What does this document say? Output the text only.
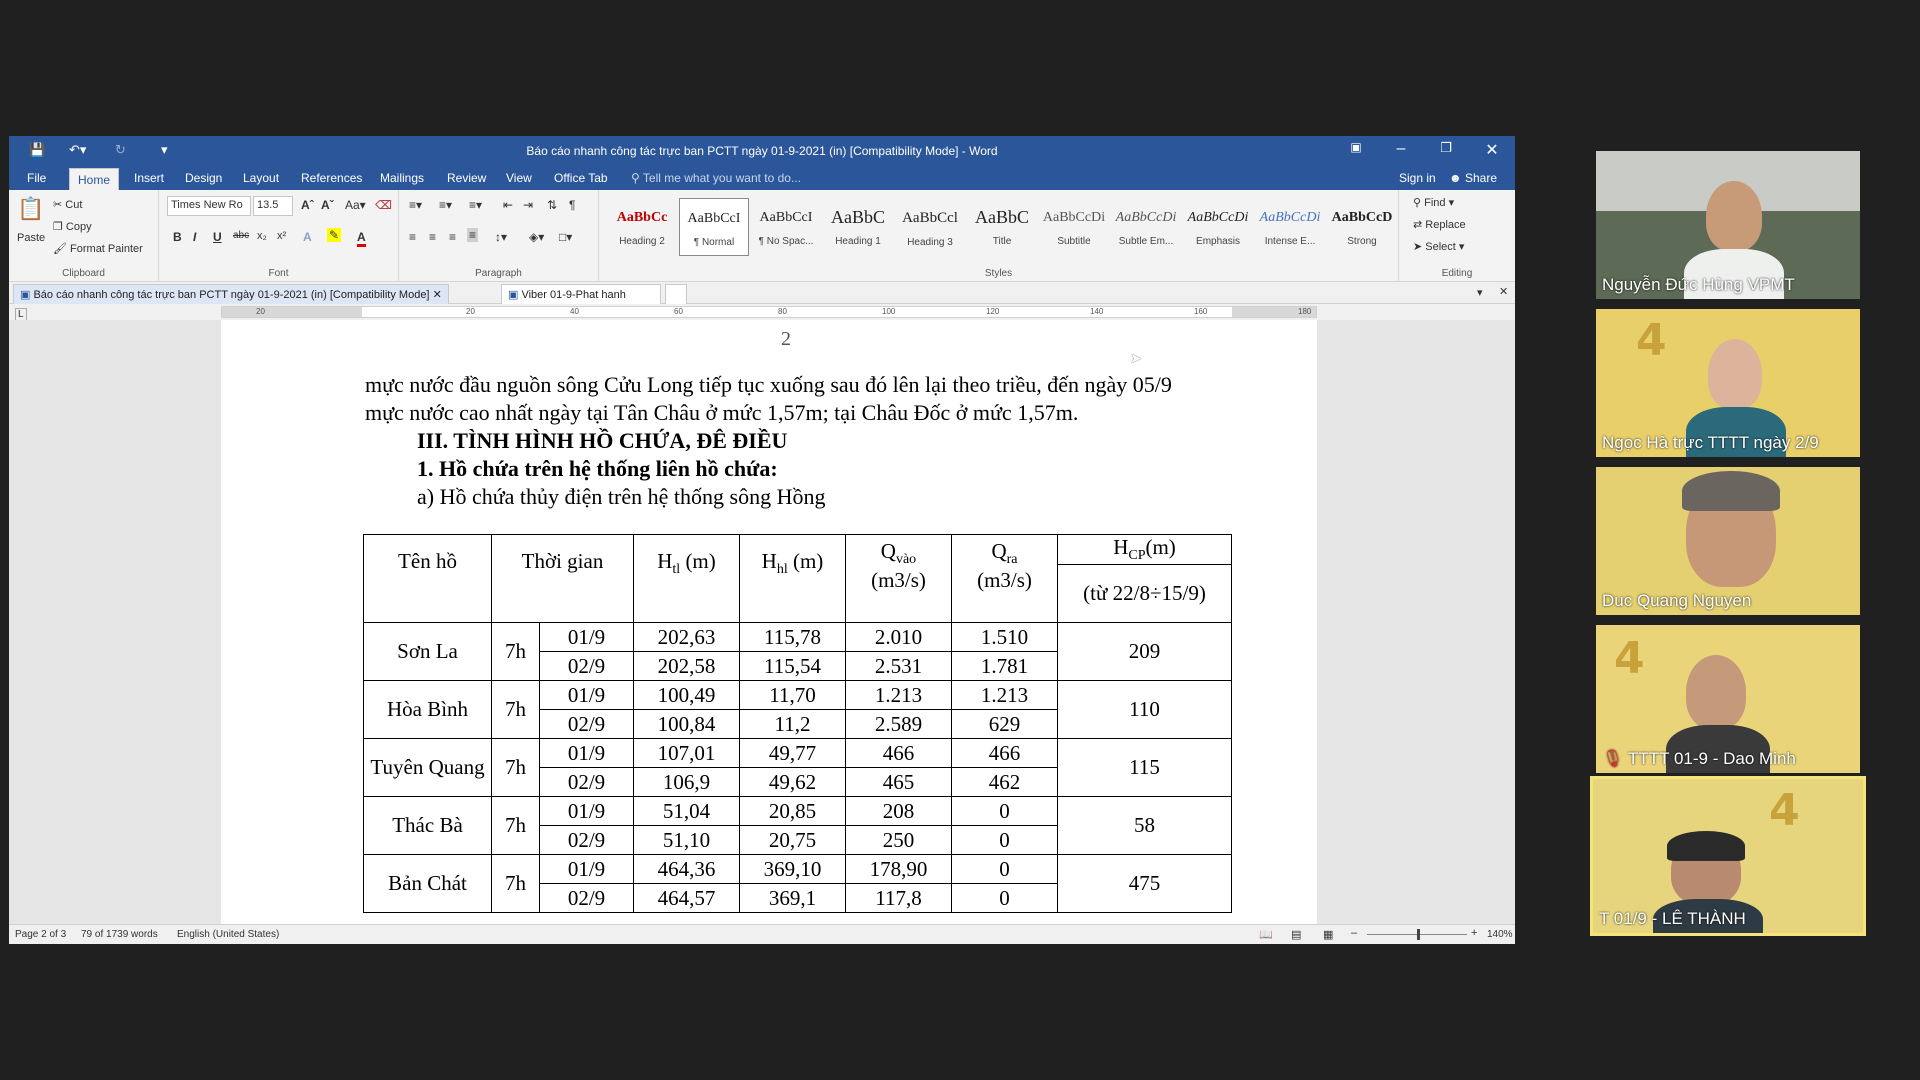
💾 ↶▾ ↻	▾	Báo cáo nhanh công tác trực ban PCTT ngày 01-9-2021 (in) [Compatibility Mode] - Word	▣	–	❐	✕
File	Home	Insert Design Layout References Mailings Review View Office Tab ⚲ Tell me what you want to do...	Sign in ☻ Share
📋
Paste
✂ Cut
❐ Copy
🖌 Format Painter
Clipboard
Times New Ro	13.5	Aˆ Aˇ Aa▾ ⌫
B I U abc x₂ x² A ✎ A
Font
≡▾ ≡▾ ≡▾ ⇤ ⇥ ⇅ ¶
≡ ≡ ≡ ≡ ↕▾ ◈▾ □▾
Paragraph
AaBbCc
Heading 2
AaBbCcI
¶ Normal
AaBbCcI
¶ No Spac...
AaBbC
Heading 1
AaBbCcl
Heading 3
AaBbC
Title
AaBbCcDi
Subtitle
AaBbCcDi
Subtle Em...
AaBbCcDi
Emphasis
AaBbCcDi
Intense E...
AaBbCcD
Strong
Styles
⚲ Find ▾
⇄ Replace
➤ Select ▾
Editing
▣ Báo cáo nhanh công tác trực ban PCTT ngày 01-9-2021 (in) [Compatibility Mode] ✕	▣ Viber 01-9-Phat hanh	▾ ✕
L	20	20	40	60	80	100	120	140	160	180
2
mực nước đầu nguồn sông Cửu Long tiếp tục xuống sau đó lên lại theo triều, đến ngày 05/9
mực nước cao nhất ngày tại Tân Châu ở mức 1,57m; tại Châu Đốc ở mức 1,57m.
III. TÌNH HÌNH HỒ CHỨA, ĐÊ ĐIỀU
1. Hồ chứa trên hệ thống liên hồ chứa:
a) Hồ chứa thủy điện trên hệ thống sông Hồng
Tên hồ	Thời gian		$H_{tl}$ (m)	$H_{hl}$ (m)	$Q_{vào}$
(m3/s)	$Q_{ra}$
(m3/s)	$H_{CP}(m)$
							(từ 22/8÷15/9)
Sơn La	7h	01/9	202,63	115,78	2.010	1.510	209
		02/9	202,58	115,54	2.531	1.781	
Hòa Bình	7h	01/9	100,49	11,70	1.213	1.213	110
		02/9	100,84	11,2	2.589	629	
Tuyên Quang	7h	01/9	107,01	49,77	466	466	115
		02/9	106,9	49,62	465	462	
Thác Bà	7h	01/9	51,04	20,85	208	0	58
		02/9	51,10	20,75	250	0	
Bản Chát	7h	01/9	464,36	369,10	178,90	0	475
		02/9	464,57	369,1	117,8	0	
Page 2 of 3 79 of 1739 words English (United States)	📖 ▤ ▦ –	+ 140%
➤
Nguyễn Đức Hùng VPMT
4
Ngọc Hà trực TTTT ngày 2/9
Duc Quang Nguyen
4
🎙 TTTT 01-9 - Dao Minh
4
T 01/9 - LÊ THÀNH
